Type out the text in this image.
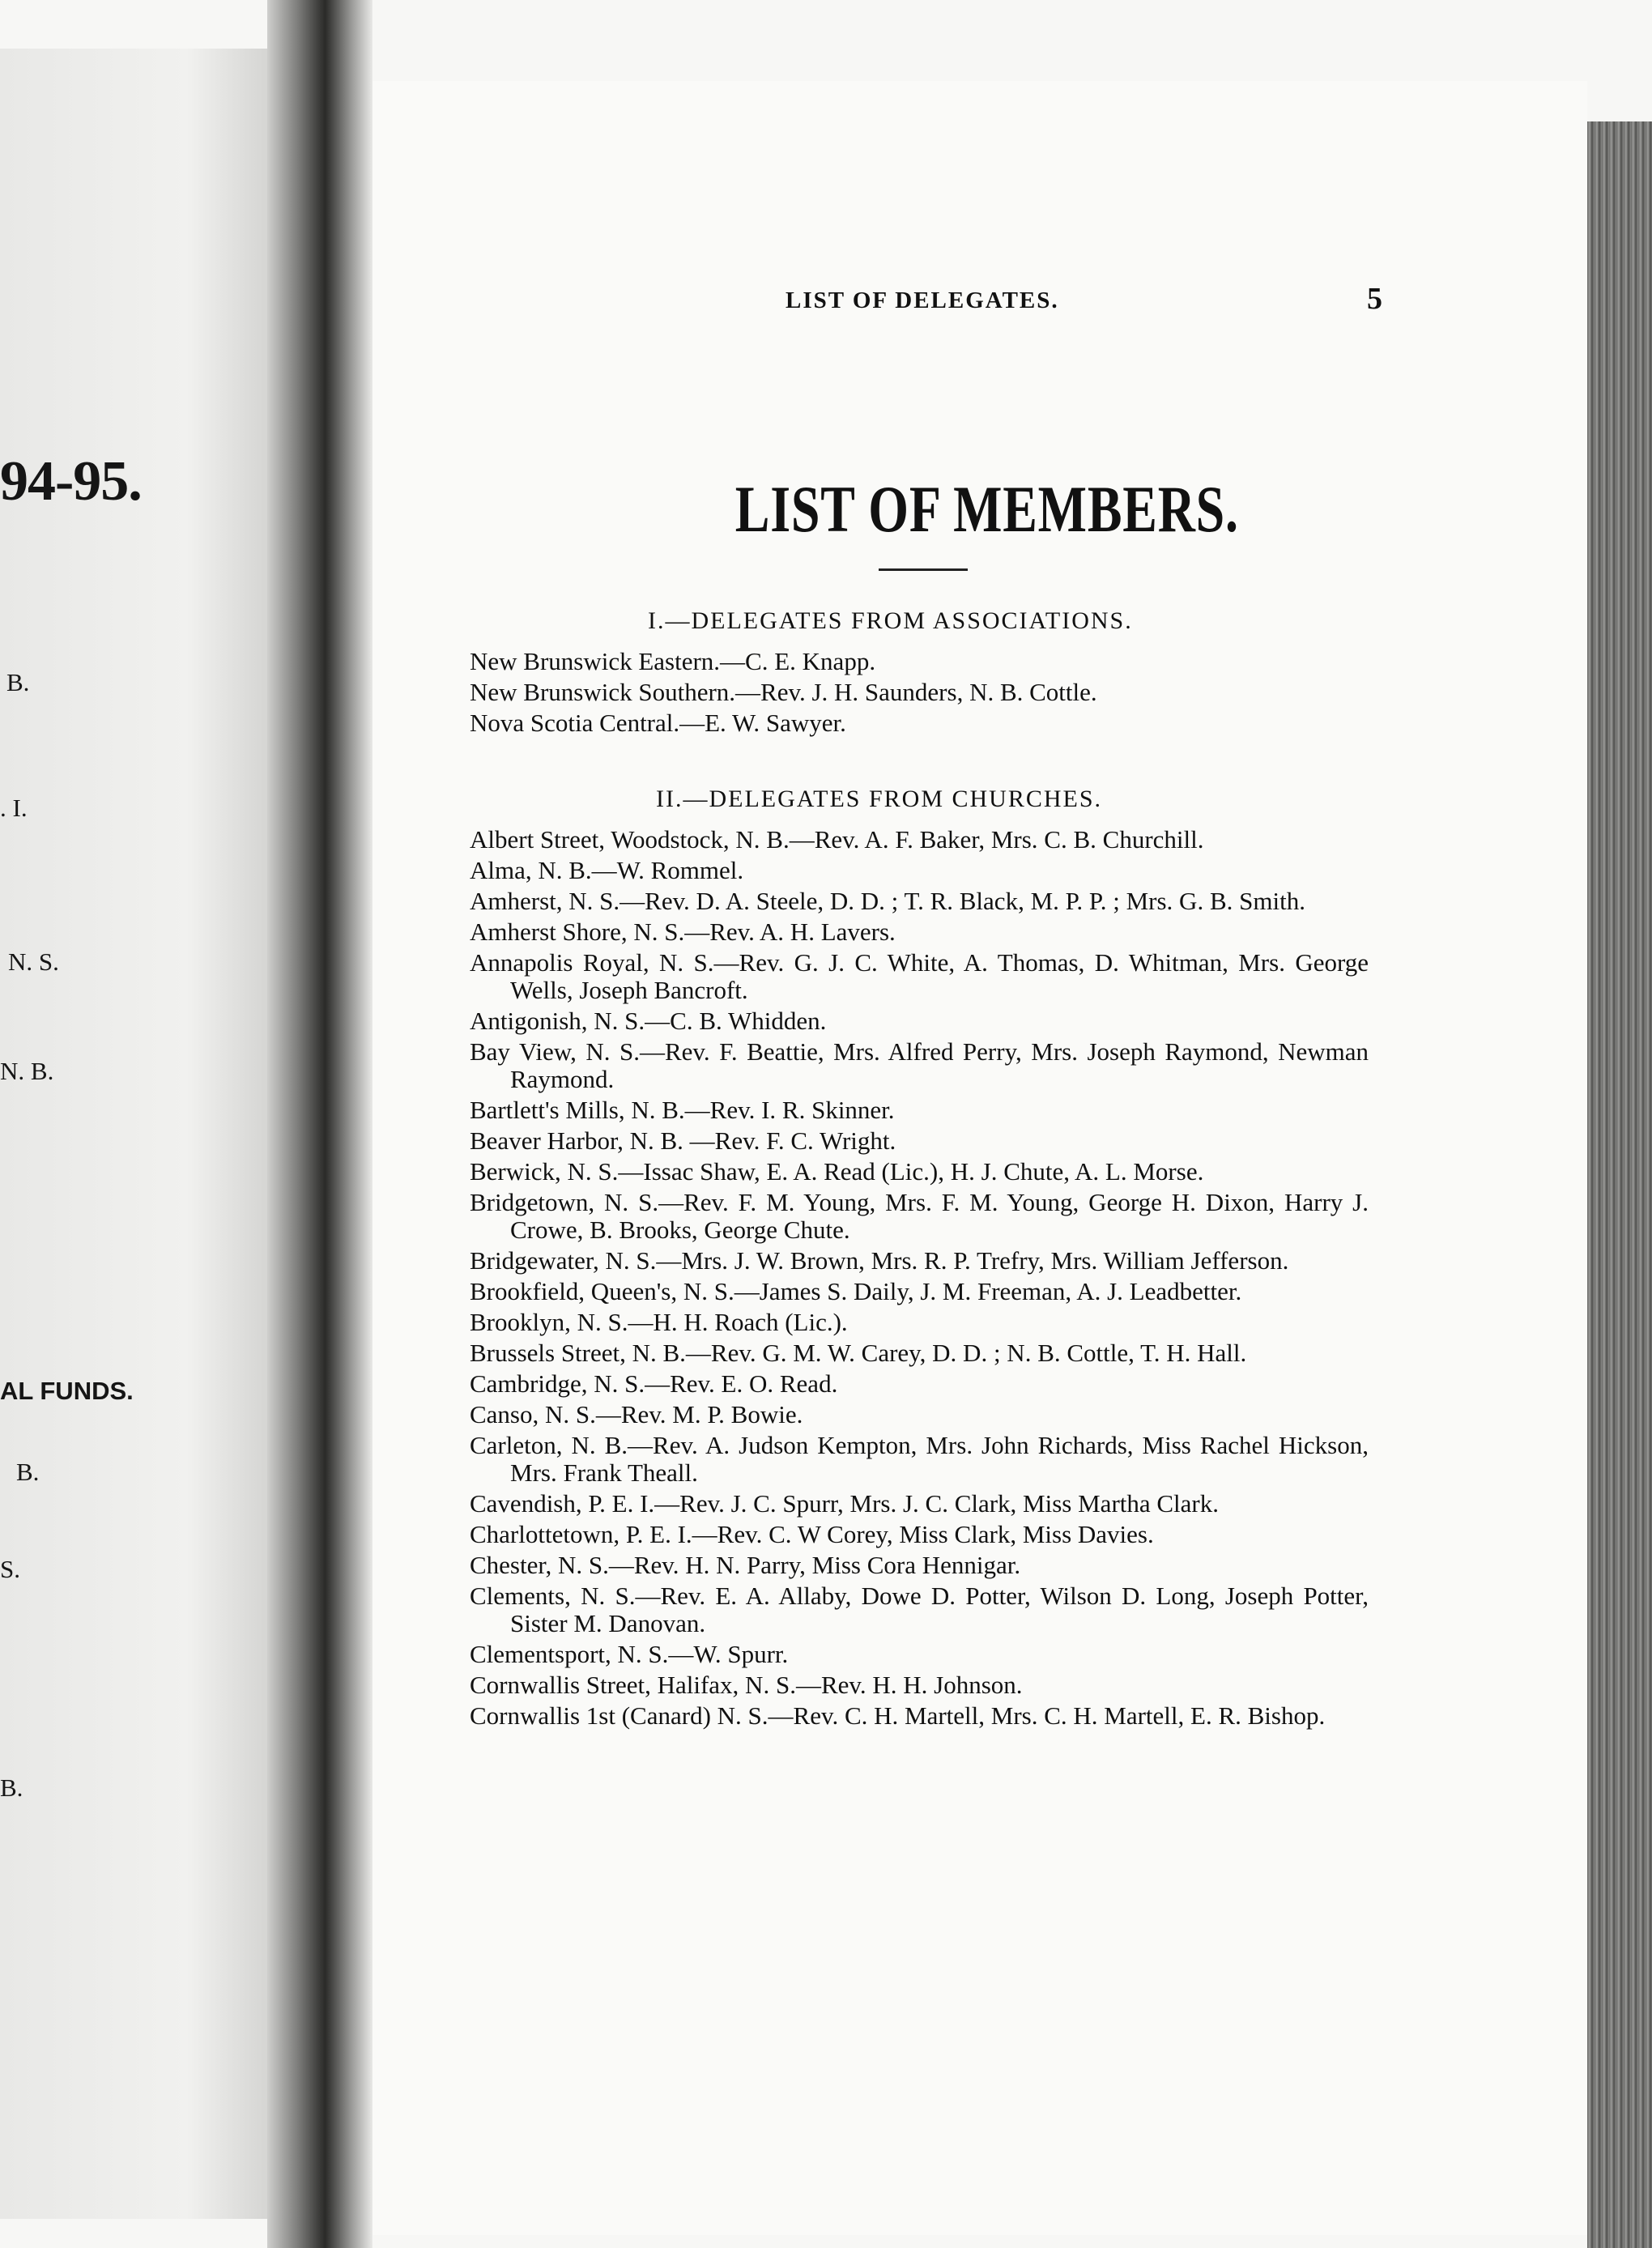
94-95.
B.
. I.
N. S.
N. B.
AL FUNDS.
B.
S.
B.
LIST OF DELEGATES.	5
LIST OF MEMBERS.
I.—DELEGATES FROM ASSOCIATIONS.

New Brunswick Eastern.—C. E. Knapp.

New Brunswick Southern.—Rev. J. H. Saunders, N. B. Cottle.

Nova Scotia Central.—E. W. Sawyer.

II.—DELEGATES FROM CHURCHES.

Albert Street, Woodstock, N. B.—Rev. A. F. Baker, Mrs. C. B. Churchill.

Alma, N. B.—W. Rommel.

Amherst, N. S.—Rev. D. A. Steele, D. D. ; T. R. Black, M. P. P. ; Mrs. G. B. Smith.

Amherst Shore, N. S.—Rev. A. H. Lavers.

Annapolis Royal, N. S.—Rev. G. J. C. White, A. Thomas, D. Whitman, Mrs. George Wells, Joseph Bancroft.

Antigonish, N. S.—C. B. Whidden.

Bay View, N. S.—Rev. F. Beattie, Mrs. Alfred Perry, Mrs. Joseph Raymond, Newman Raymond.

Bartlett's Mills, N. B.—Rev. I. R. Skinner.

Beaver Harbor, N. B. —Rev. F. C. Wright.

Berwick, N. S.—Issac Shaw, E. A. Read (Lic.), H. J. Chute, A. L. Morse.

Bridgetown, N. S.—Rev. F. M. Young, Mrs. F. M. Young, George H. Dixon, Harry J. Crowe, B. Brooks, George Chute.

Bridgewater, N. S.—Mrs. J. W. Brown, Mrs. R. P. Trefry, Mrs. William Jefferson.

Brookfield, Queen's, N. S.—James S. Daily, J. M. Freeman, A. J. Leadbetter.

Brooklyn, N. S.—H. H. Roach (Lic.).

Brussels Street, N. B.—Rev. G. M. W. Carey, D. D. ; N. B. Cottle, T. H. Hall.

Cambridge, N. S.—Rev. E. O. Read.

Canso, N. S.—Rev. M. P. Bowie.

Carleton, N. B.—Rev. A. Judson Kempton, Mrs. John Richards, Miss Rachel Hickson, Mrs. Frank Theall.

Cavendish, P. E. I.—Rev. J. C. Spurr, Mrs. J. C. Clark, Miss Martha Clark.

Charlottetown, P. E. I.—Rev. C. W Corey, Miss Clark, Miss Davies.

Chester, N. S.—Rev. H. N. Parry, Miss Cora Hennigar.

Clements, N. S.—Rev. E. A. Allaby, Dowe D. Potter, Wilson D. Long, Joseph Potter, Sister M. Danovan.

Clementsport, N. S.—W. Spurr.

Cornwallis Street, Halifax, N. S.—Rev. H. H. Johnson.

Cornwallis 1st (Canard) N. S.—Rev. C. H. Martell, Mrs. C. H. Martell, E. R. Bishop.
